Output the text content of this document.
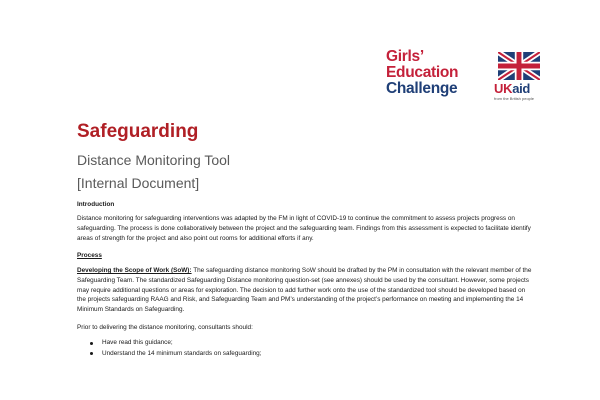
Girls’
Education
Challenge	UKaid
from the British people
Safeguarding
Distance Monitoring Tool
[Internal Document]
Introduction
Distance monitoring for safeguarding interventions was adapted by the FM in light of COVID-19 to continue the commitment to assess projects progress on safeguarding. The process is done collaboratively between the project and the safeguarding team. Findings from this assessment is expected to facilitate identify areas of strength for the project and also point out rooms for additional efforts if any.
Process
Developing the Scope of Work (SoW): The safeguarding distance monitoring SoW should be drafted by the PM in consultation with the relevant member of the Safeguarding Team. The standardized Safeguarding Distance monitoring question-set (see annexes) should be used by the consultant. However, some projects may require additional questions or areas for exploration. The decision to add further work onto the use of the standardized tool should be developed based on the projects safeguarding RAAG and Risk, and Safeguarding Team and PM’s understanding of the project’s performance on meeting and implementing the 14 Minimum Standards on Safeguarding.
Prior to delivering the distance monitoring, consultants should:
Have read this guidance;
Understand the 14 minimum standards on safeguarding;
